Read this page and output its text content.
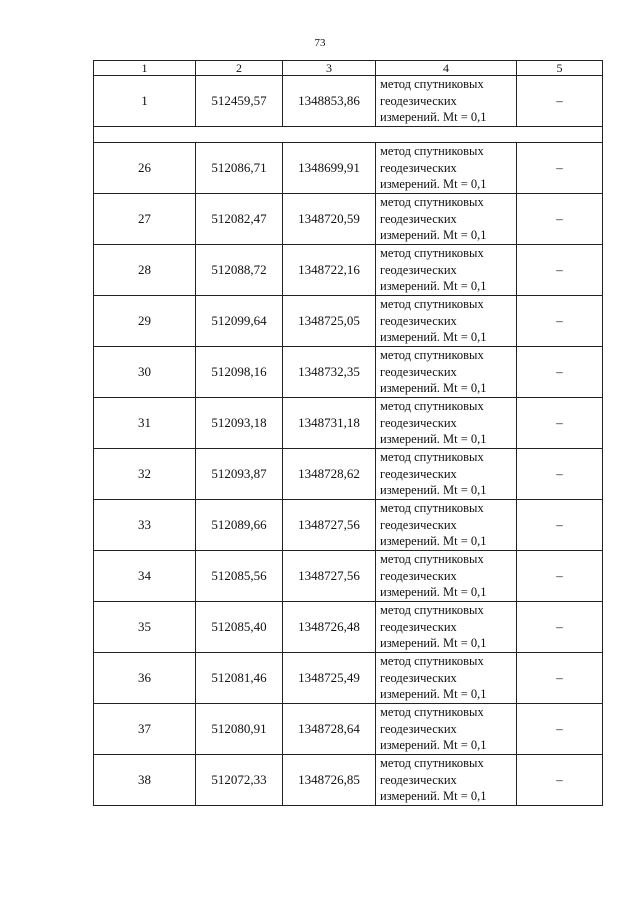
73
1	2	3	4	5
1	512459,57	1348853,86	метод спутниковых
геодезических
измерений. Mt = 0,1	–

26	512086,71	1348699,91	метод спутниковых
геодезических
измерений. Mt = 0,1	–
27	512082,47	1348720,59	метод спутниковых
геодезических
измерений. Mt = 0,1	–
28	512088,72	1348722,16	метод спутниковых
геодезических
измерений. Mt = 0,1	–
29	512099,64	1348725,05	метод спутниковых
геодезических
измерений. Mt = 0,1	–
30	512098,16	1348732,35	метод спутниковых
геодезических
измерений. Mt = 0,1	–
31	512093,18	1348731,18	метод спутниковых
геодезических
измерений. Mt = 0,1	–
32	512093,87	1348728,62	метод спутниковых
геодезических
измерений. Mt = 0,1	–
33	512089,66	1348727,56	метод спутниковых
геодезических
измерений. Mt = 0,1	–
34	512085,56	1348727,56	метод спутниковых
геодезических
измерений. Mt = 0,1	–
35	512085,40	1348726,48	метод спутниковых
геодезических
измерений. Mt = 0,1	–
36	512081,46	1348725,49	метод спутниковых
геодезических
измерений. Mt = 0,1	–
37	512080,91	1348728,64	метод спутниковых
геодезических
измерений. Mt = 0,1	–
38	512072,33	1348726,85	метод спутниковых
геодезических
измерений. Mt = 0,1	–
